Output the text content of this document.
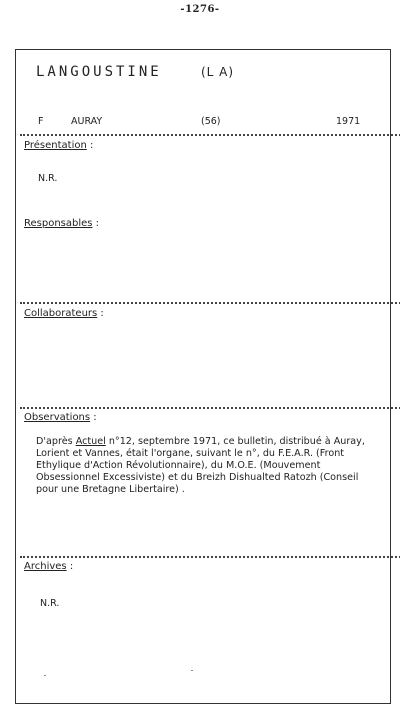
-1276-
LANGOUSTINE	(L A)
F	AURAY	(56)	1971
Présentation :
N.R.
Responsables :
Collaborateurs :
Observations :
D'après Actuel n°12, septembre 1971, ce bulletin, distribué à Auray, Lorient et Vannes, était l'organe, suivant le n°, du F.E.A.R. (Front Ethylique d'Action Révolutionnaire), du M.O.E. (Mouvement Obsessionnel Excessiviste) et du Breizh Dishualted Ratozh (Conseil pour une Bretagne Libertaire) .
Archives :
N.R.
